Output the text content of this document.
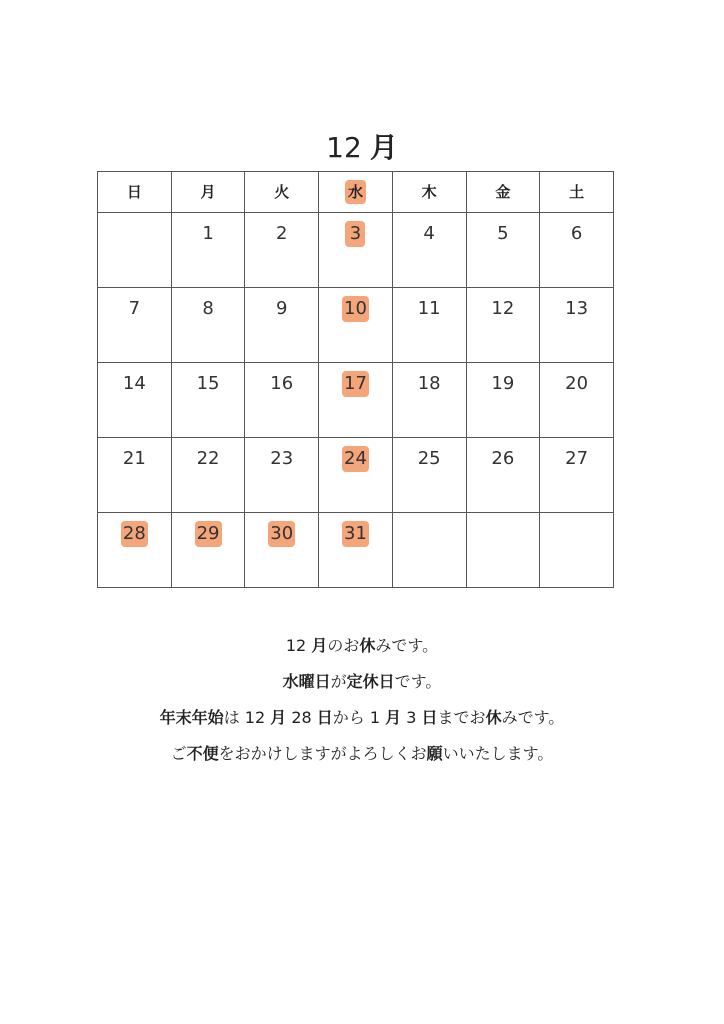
12 月
日	月	火	水	木	金	土
	1	2	3	4	5	6
7	8	9	10	11	12	13
14	15	16	17	18	19	20
21	22	23	24	25	26	27
28	29	30	31			

12 月のお休みです。

水曜日が定休日です。

年末年始は 12 月 28 日から 1 月 3 日までお休みです。

ご不便をおかけしますがよろしくお願いいたします。
